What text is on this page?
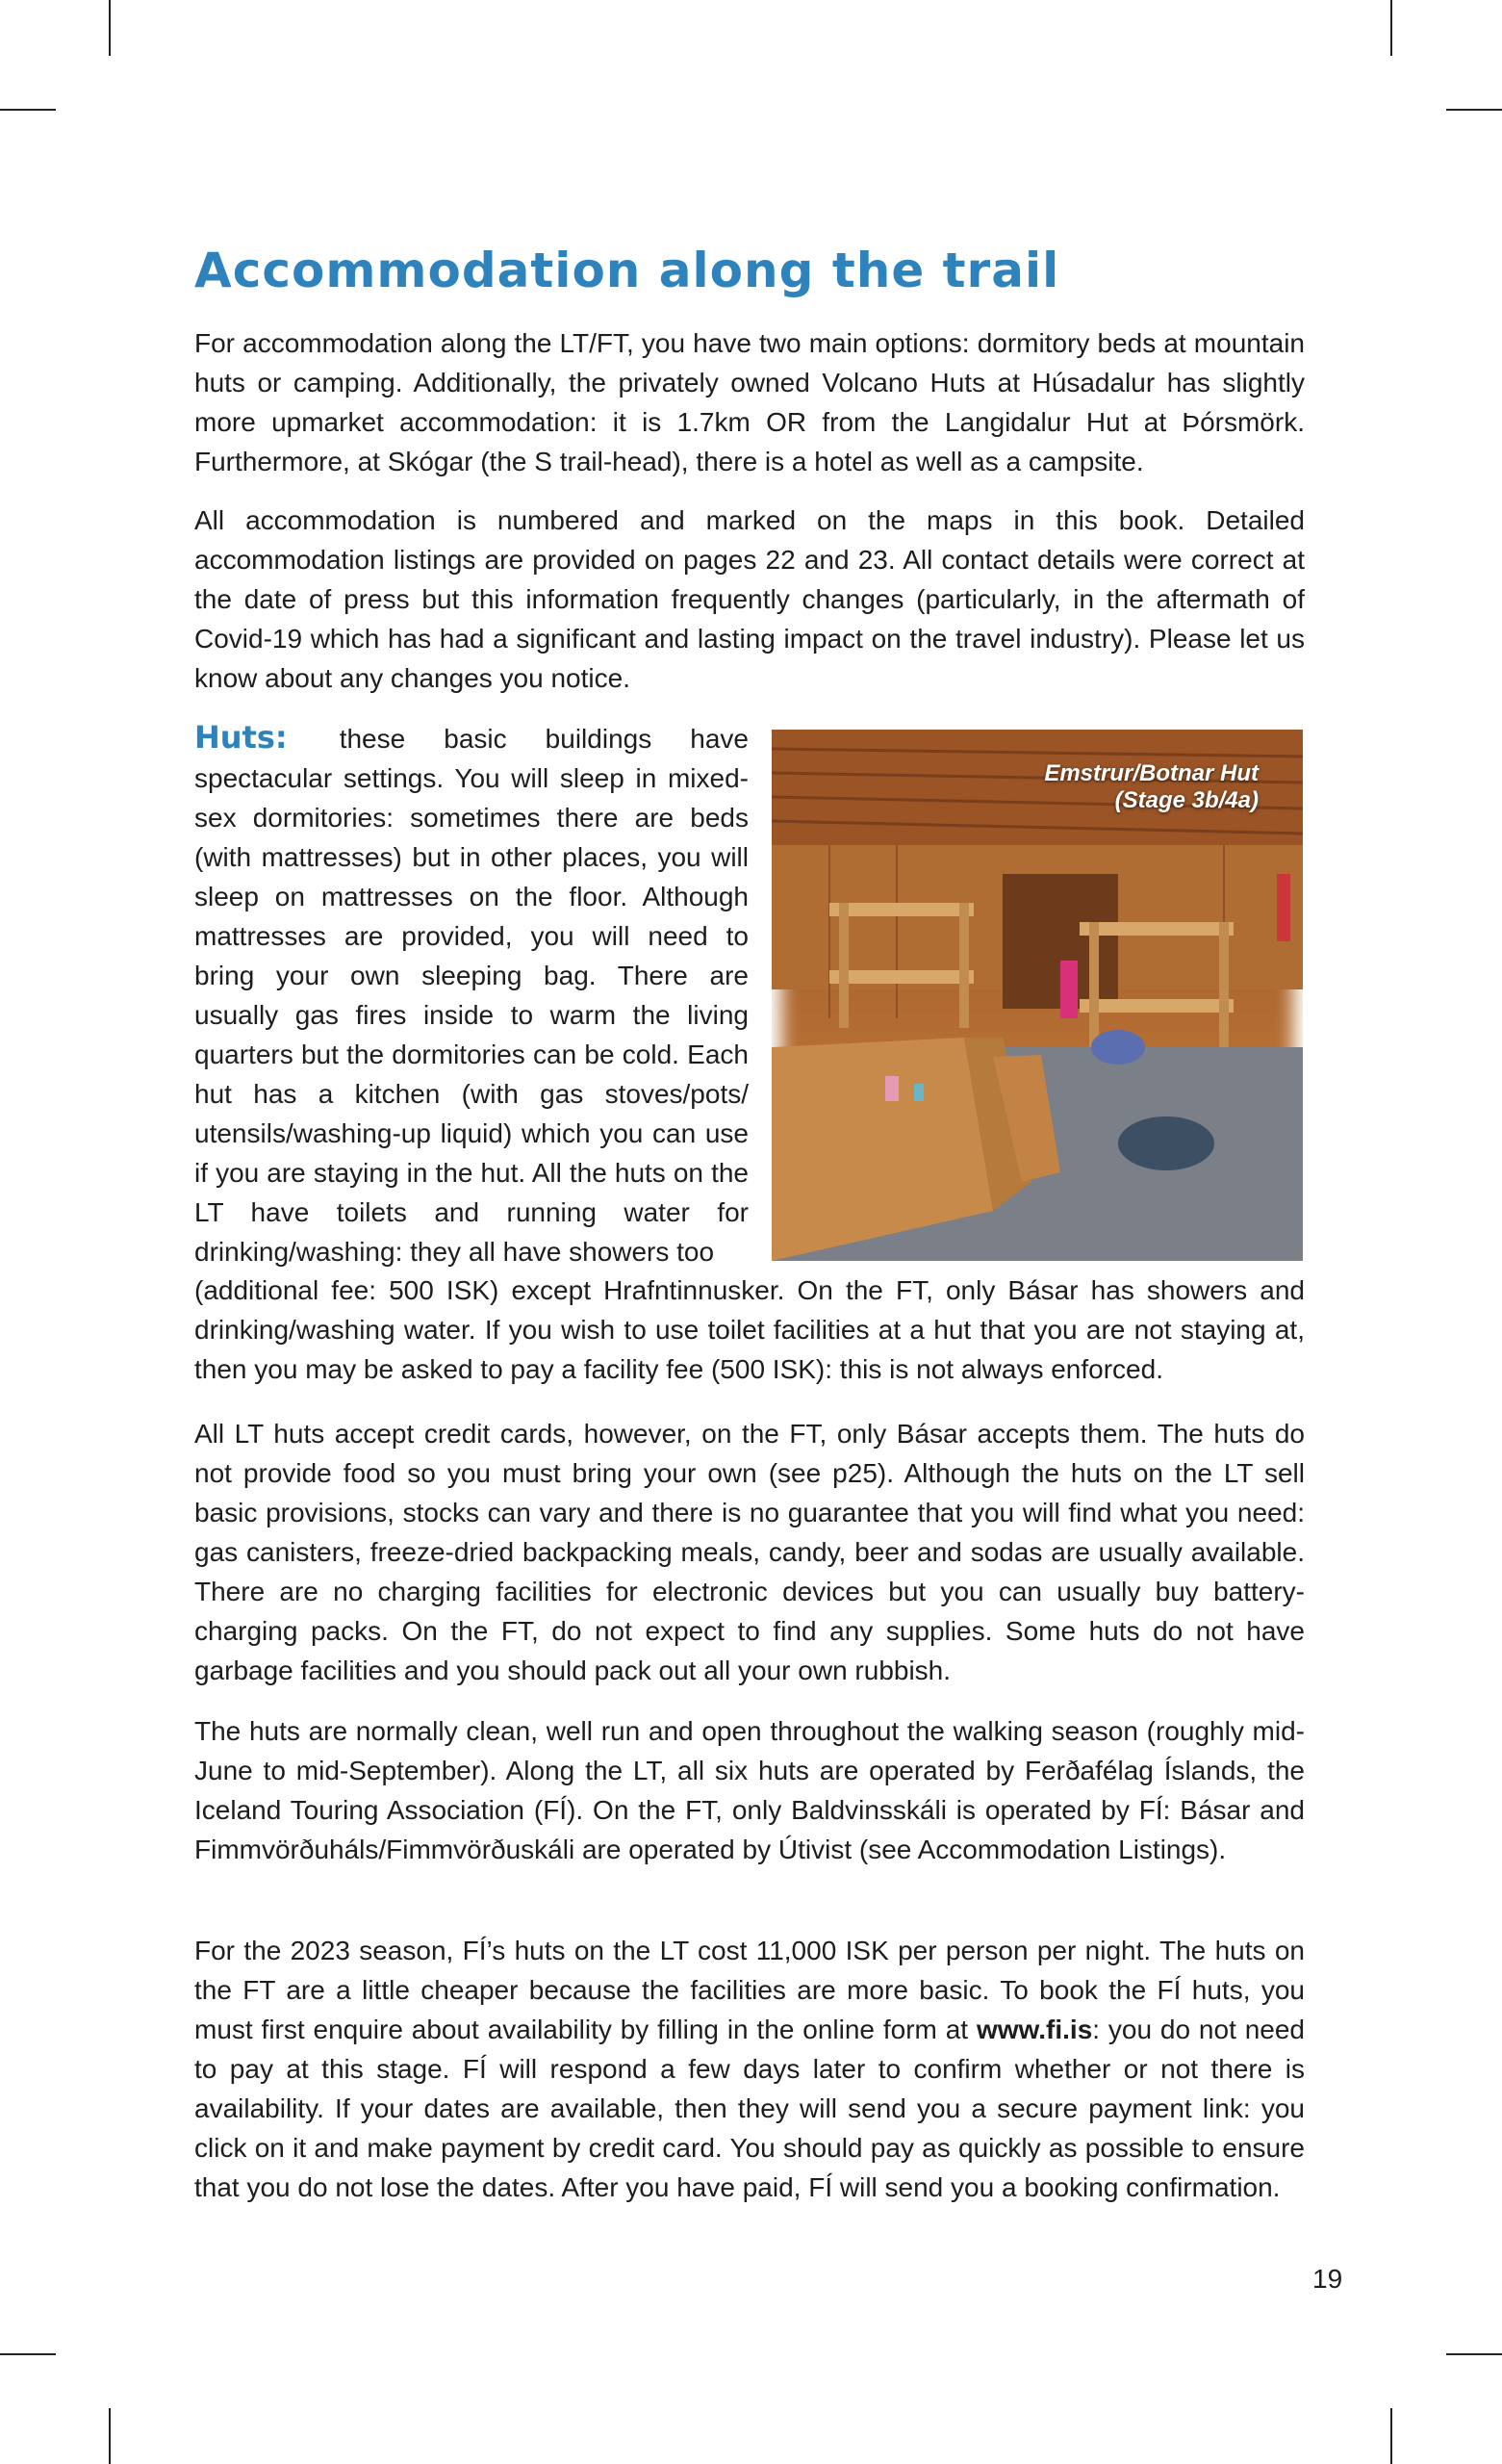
Accommodation along the trail

For accommodation along the LT/FT, you have two main options: dormitory beds at mountain huts or camping. Additionally, the privately owned Volcano Huts at Húsadalur has slightly more upmarket accommodation: it is 1.7km OR from the Langidalur Hut at Þórsmörk. Furthermore, at Skógar (the S trail-head), there is a hotel as well as a campsite.

All accommodation is numbered and marked on the maps in this book. Detailed accommodation listings are provided on pages 22 and 23. All contact details were correct at the date of press but this information frequently changes (particularly, in the aftermath of Covid-19 which has had a significant and lasting impact on the travel industry). Please let us know about any changes you notice.

Huts: these basic buildings have spectacular settings. You will sleep in mixed-sex dormitories: sometimes there are beds (with mattresses) but in other places, you will sleep on mattresses on the floor. Although mattresses are provided, you will need to bring your own sleeping bag. There are usually gas fires inside to warm the living quarters but the dormitories can be cold. Each hut has a kitchen (with gas stoves/pots/ utensils/washing-up liquid) which you can use if you are staying in the hut. All the huts on the LT have toilets and running water for drinking/washing: they all have showers too

Emstrur/Botnar Hut
(Stage 3b/4a)

(additional fee: 500 ISK) except Hrafntinnusker. On the FT, only Básar has showers and drinking/washing water. If you wish to use toilet facilities at a hut that you are not staying at, then you may be asked to pay a facility fee (500 ISK): this is not always enforced.

All LT huts accept credit cards, however, on the FT, only Básar accepts them. The huts do not provide food so you must bring your own (see p25). Although the huts on the LT sell basic provisions, stocks can vary and there is no guarantee that you will find what you need: gas canisters, freeze-dried backpacking meals, candy, beer and sodas are usually available. There are no charging facilities for electronic devices but you can usually buy battery-charging packs. On the FT, do not expect to find any supplies. Some huts do not have garbage facilities and you should pack out all your own rubbish.

The huts are normally clean, well run and open throughout the walking season (roughly mid-June to mid-September). Along the LT, all six huts are operated by Ferðafélag Íslands, the Iceland Touring Association (FÍ). On the FT, only Baldvinsskáli is operated by FÍ: Básar and Fimmvörðuháls/Fimmvörðuskáli are operated by Útivist (see Accommodation Listings).

For the 2023 season, FÍ’s huts on the LT cost 11,000 ISK per person per night. The huts on the FT are a little cheaper because the facilities are more basic. To book the FÍ huts, you must first enquire about availability by filling in the online form at www.fi.is: you do not need to pay at this stage. FÍ will respond a few days later to confirm whether or not there is availability. If your dates are available, then they will send you a secure payment link: you click on it and make payment by credit card. You should pay as quickly as possible to ensure that you do not lose the dates. After you have paid, FÍ will send you a booking confirmation.

19
